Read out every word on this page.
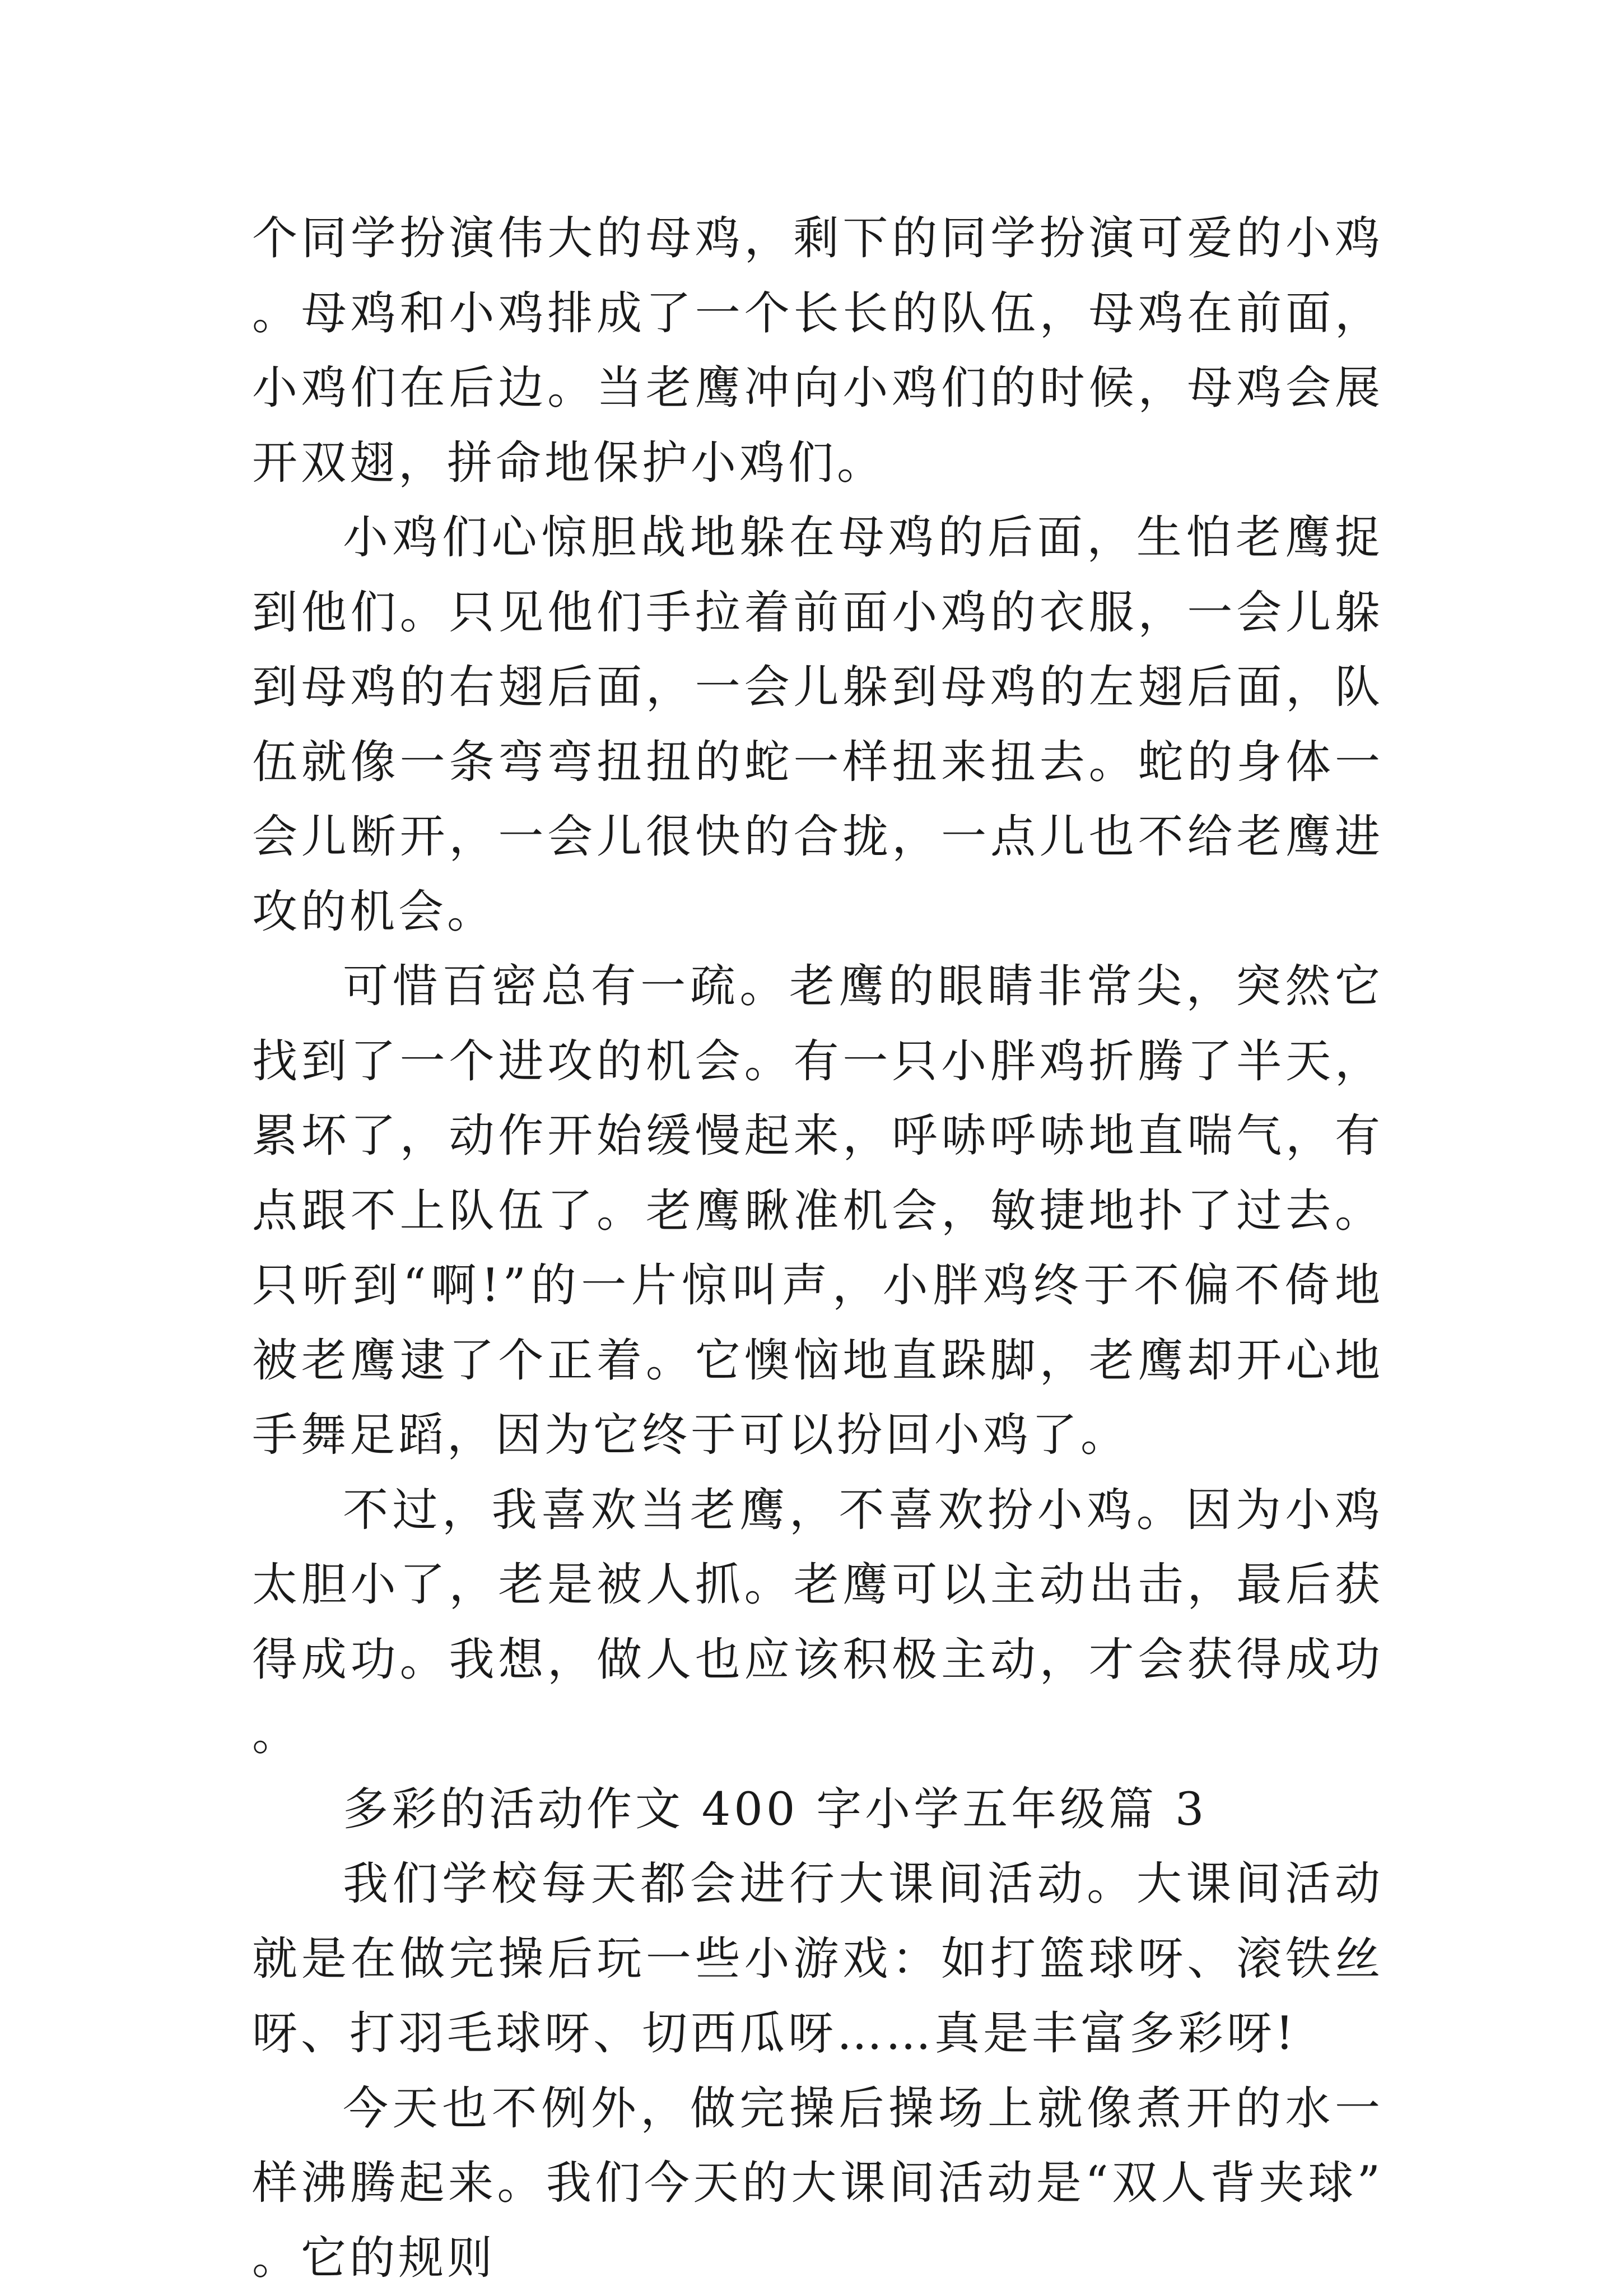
个同学扮演伟大的母鸡，剩下的同学扮演可爱的小鸡。母鸡和小鸡排成了一个长长的队伍，母鸡在前面，小鸡们在后边。当老鹰冲向小鸡们的时候，母鸡会展开双翅，拼命地保护小鸡们。

小鸡们心惊胆战地躲在母鸡的后面，生怕老鹰捉到他们。只见他们手拉着前面小鸡的衣服，一会儿躲到母鸡的右翅后面，一会儿躲到母鸡的左翅后面，队伍就像一条弯弯扭扭的蛇一样扭来扭去。蛇的身体一会儿断开，一会儿很快的合拢，一点儿也不给老鹰进攻的机会。

可惜百密总有一疏。老鹰的眼睛非常尖，突然它找到了一个进攻的机会。有一只小胖鸡折腾了半天，累坏了，动作开始缓慢起来，呼哧呼哧地直喘气，有点跟不上队伍了。老鹰瞅准机会，敏捷地扑了过去。只听到“啊!”的一片惊叫声，小胖鸡终于不偏不倚地被老鹰逮了个正着。它懊恼地直跺脚，老鹰却开心地手舞足蹈，因为它终于可以扮回小鸡了。

不过，我喜欢当老鹰，不喜欢扮小鸡。因为小鸡太胆小了，老是被人抓。老鹰可以主动出击，最后获得成功。我想，做人也应该积极主动，才会获得成功。

多彩的活动作文 400 字小学五年级篇 3

我们学校每天都会进行大课间活动。大课间活动就是在做完操后玩一些小游戏：如打篮球呀、滚铁丝呀、打羽毛球呀、切西瓜呀……真是丰富多彩呀!

今天也不例外，做完操后操场上就像煮开的水一样沸腾起来。我们今天的大课间活动是“双人背夹球”。它的规则
